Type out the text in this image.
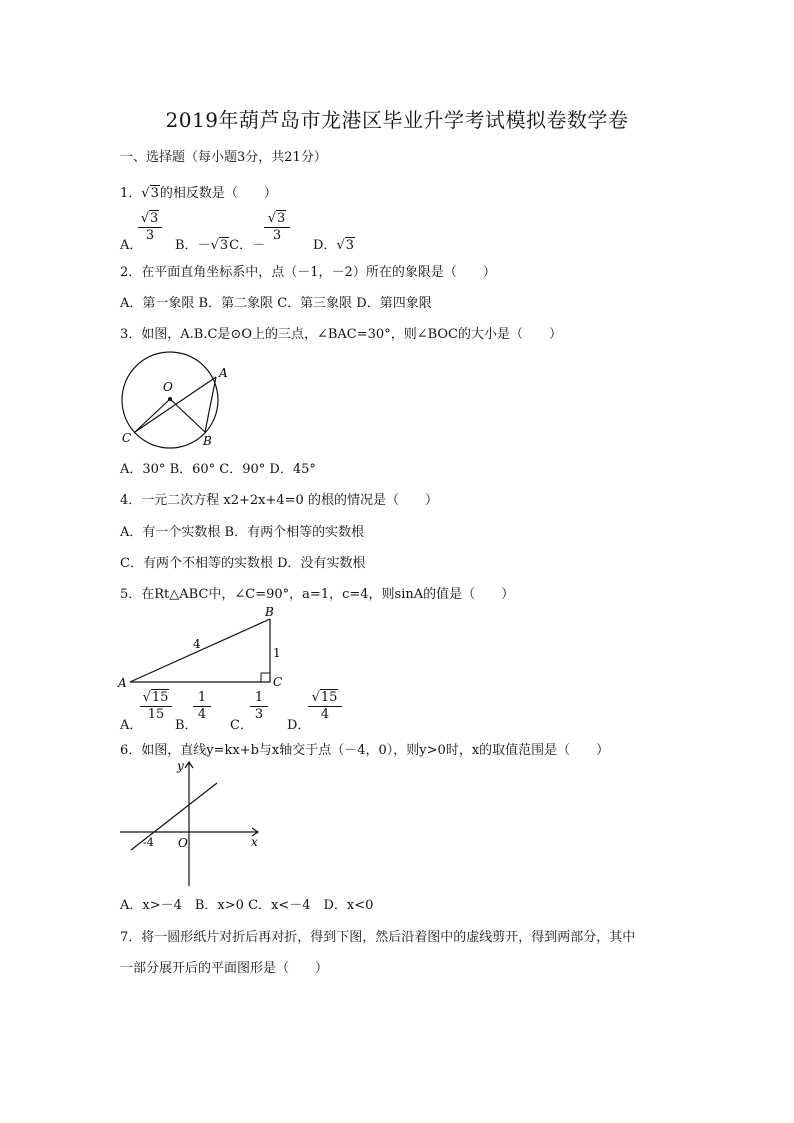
2019年葫芦岛市龙港区毕业升学考试模拟卷数学卷
一、选择题（每小题3分，共21分）
1．√3的相反数是（　　）
A．
$\frac{√3}{3}$
B．－√3C．－
$\frac{√3}{3}$
D．√3
2．在平面直角坐标系中，点（－1，－2）所在的象限是（　　）
A．第一象限 B．第二象限 C．第三象限 D．第四象限
3．如图，A.B.C是⊙O上的三点，∠BAC=30°，则∠BOC的大小是（　　）
O
A
B
C
A．30° B．60° C．90° D．45°
4．一元二次方程 x2+2x+4=0 的根的情况是（　　）
A．有一个实数根 B．有两个相等的实数根
C．有两个不相等的实数根 D．没有实数根
5．在Rt△ABC中，∠C=90°，a=1，c=4，则sinA的值是（　　）
A
B
C
4
1
A．
$\frac{√15}{15}$
B．
$\frac{1}{4}$
C．
$\frac{1}{3}$
D．
$\frac{√15}{4}$
6．如图，直线y=kx+b与x轴交于点（－4，0），则y>0时，x的取值范围是（　　）
y
x
O
-4
A．x>－4　B．x>0 C．x<－4　D．x<0
7．将一圆形纸片对折后再对折，得到下图，然后沿着图中的虚线剪开，得到两部分，其中
一部分展开后的平面图形是（　　）
